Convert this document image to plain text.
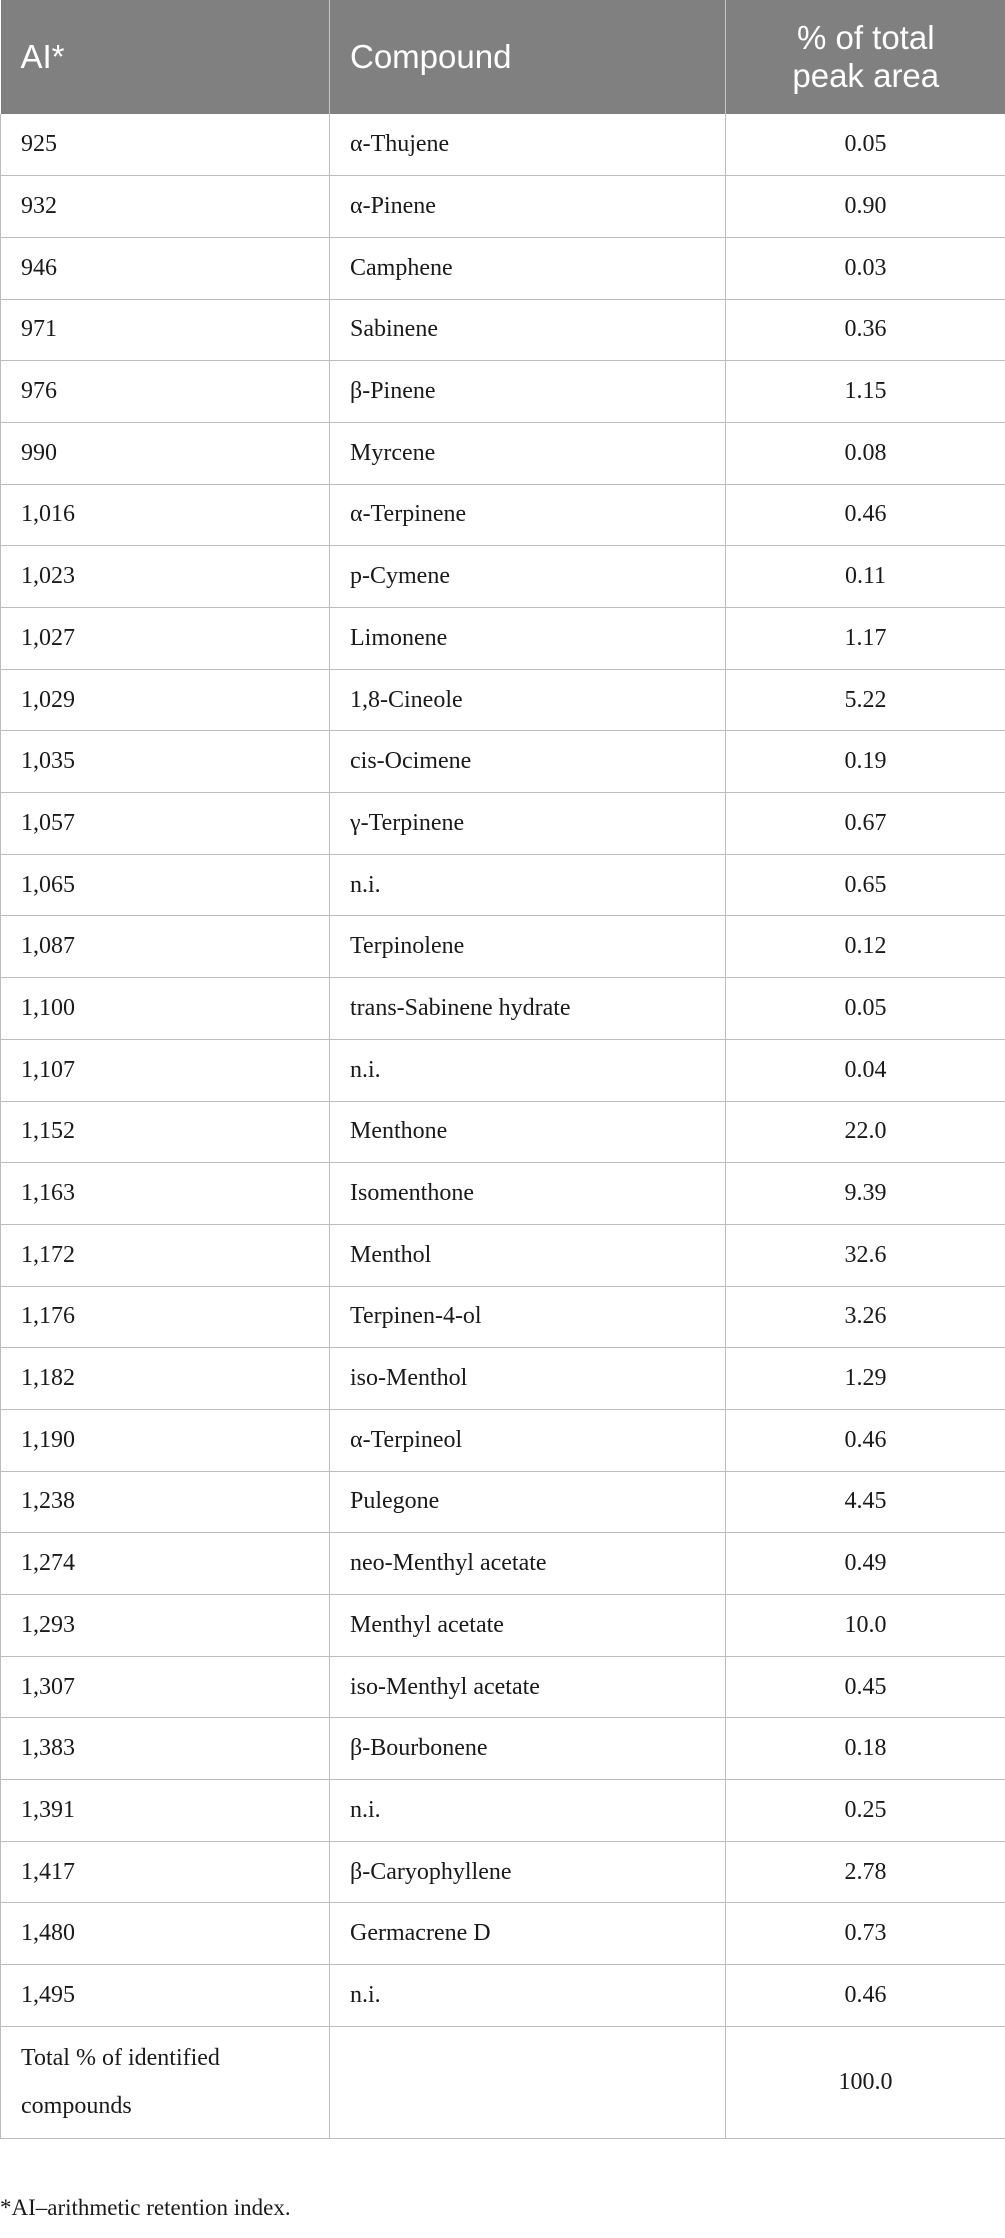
AI*	Compound	% of total
peak area
925	α-Thujene	0.05
932	α-Pinene	0.90
946	Camphene	0.03
971	Sabinene	0.36
976	β-Pinene	1.15
990	Myrcene	0.08
1,016	α-Terpinene	0.46
1,023	p-Cymene	0.11
1,027	Limonene	1.17
1,029	1,8-Cineole	5.22
1,035	cis-Ocimene	0.19
1,057	γ-Terpinene	0.67
1,065	n.i.	0.65
1,087	Terpinolene	0.12
1,100	trans-Sabinene hydrate	0.05
1,107	n.i.	0.04
1,152	Menthone	22.0
1,163	Isomenthone	9.39
1,172	Menthol	32.6
1,176	Terpinen-4-ol	3.26
1,182	iso-Menthol	1.29
1,190	α-Terpineol	0.46
1,238	Pulegone	4.45
1,274	neo-Menthyl acetate	0.49
1,293	Menthyl acetate	10.0
1,307	iso-Menthyl acetate	0.45
1,383	β-Bourbonene	0.18
1,391	n.i.	0.25
1,417	β-Caryophyllene	2.78
1,480	Germacrene D	0.73
1,495	n.i.	0.46
Total % of identified
compounds		100.0
*AI–arithmetic retention index.
